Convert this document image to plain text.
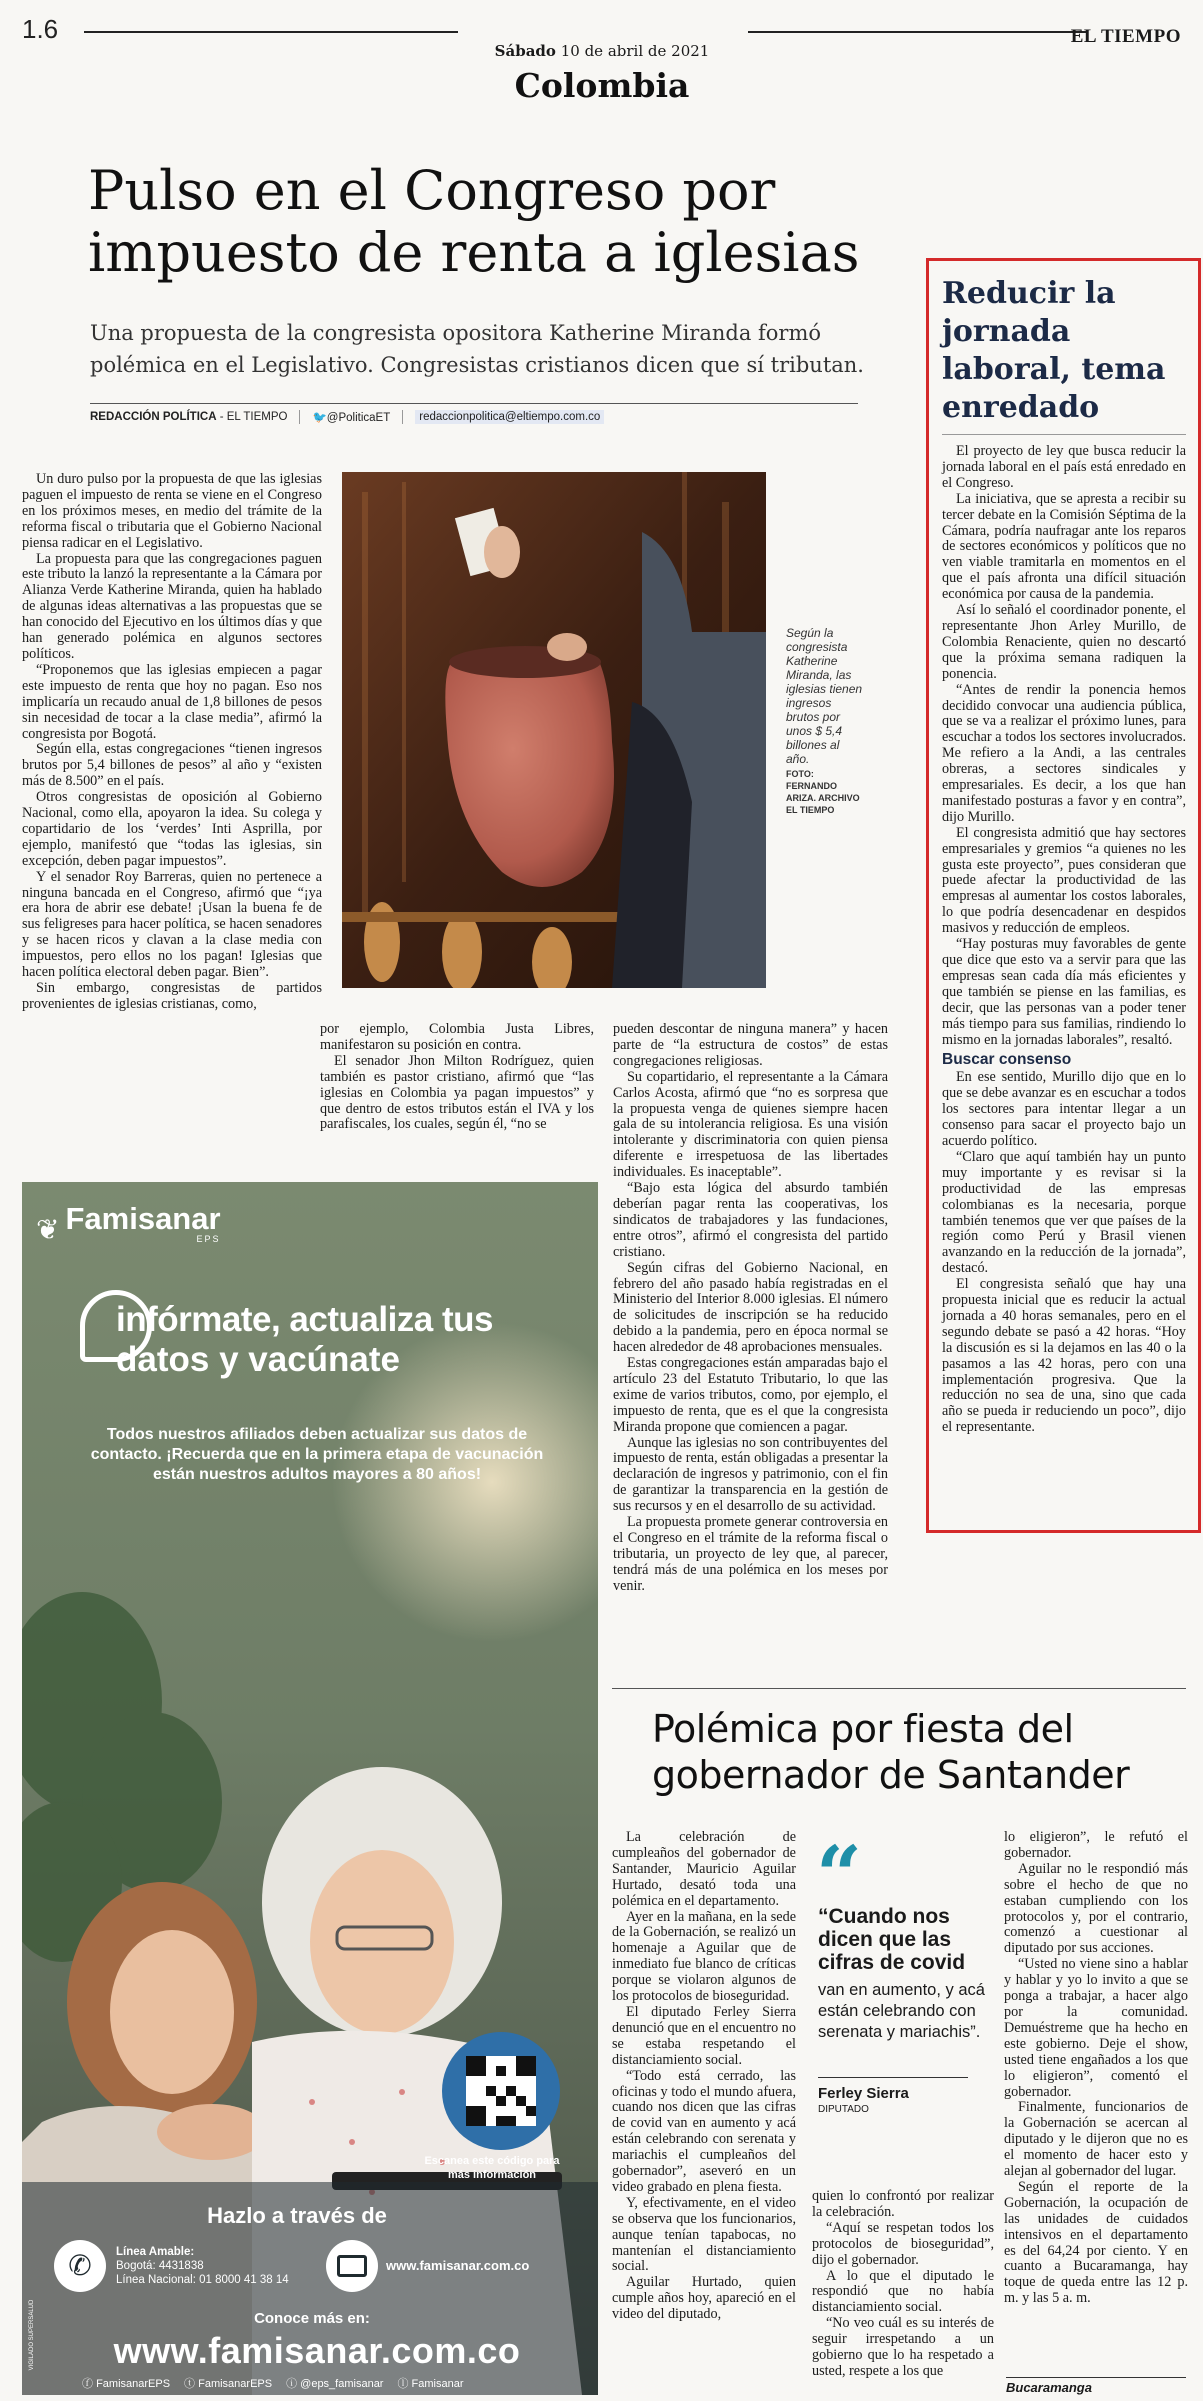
1.6
Sábado 10 de abril de 2021
EL TIEMPO
Colombia
Pulso en el Congreso por impuesto de renta a iglesias
Una propuesta de la congresista opositora Katherine Miranda formó polémica en el Legislativo. Congresistas cristianos dicen que sí tributan.
REDACCIÓN POLÍTICA - EL TIEMPO 🐦@PoliticaET	redaccionpolitica@eltiempo.com.co

Un duro pulso por la propuesta de que las iglesias paguen el impuesto de renta se viene en el Congreso en los próximos meses, en medio del trámite de la reforma fiscal o tributaria que el Gobierno Nacional piensa radicar en el Legislativo.

La propuesta para que las congregaciones paguen este tributo la lanzó la representante a la Cámara por Alianza Verde Katherine Miranda, quien ha hablado de algunas ideas alternativas a las propuestas que se han conocido del Ejecutivo en los últimos días y que han generado polémica en algunos sectores políticos.

“Proponemos que las iglesias empiecen a pagar este impuesto de renta que hoy no pagan. Eso nos implicaría un recaudo anual de 1,8 billones de pesos sin necesidad de tocar a la clase media”, afirmó la congresista por Bogotá.

Según ella, estas congregaciones “tienen ingresos brutos por 5,4 billones de pesos” al año y “existen más de 8.500” en el país.

Otros congresistas de oposición al Gobierno Nacional, como ella, apoyaron la idea. Su colega y copartidario de los ‘verdes’ Inti Asprilla, por ejemplo, manifestó que “todas las iglesias, sin excepción, deben pagar impuestos”.

Y el senador Roy Barreras, quien no pertenece a ninguna bancada en el Congreso, afirmó que “¡ya era hora de abrir ese debate! ¡Usan la buena fe de sus feligreses para hacer política, se hacen senadores y se hacen ricos y clavan a la clase media con impuestos, pero ellos no los pagan! Iglesias que hacen política electoral deben pagar. Bien”.

Sin embargo, congresistas de partidos provenientes de iglesias cristianas, como,

Según la congresista Katherine Miranda, las iglesias tienen ingresos brutos por unos $ 5,4 billones al año.
FOTO: FERNANDO ARIZA. ARCHIVO EL TIEMPO

por ejemplo, Colombia Justa Libres, manifestaron su posición en contra.

El senador Jhon Milton Rodríguez, quien también es pastor cristiano, afirmó que “las iglesias en Colombia ya pagan impuestos” y que dentro de estos tributos están el IVA y los parafiscales, los cuales, según él, “no se

pueden descontar de ninguna manera” y hacen parte de “la estructura de costos” de estas congregaciones religiosas.

Su copartidario, el representante a la Cámara Carlos Acosta, afirmó que “no es sorpresa que la propuesta venga de quienes siempre hacen gala de su intolerancia religiosa. Es una visión intolerante y discriminatoria con quien piensa diferente e irrespetuosa de las libertades individuales. Es inaceptable”.

“Bajo esta lógica del absurdo también deberían pagar renta las cooperativas, los sindicatos de trabajadores y las fundaciones, entre otros”, afirmó el congresista del partido cristiano.

Según cifras del Gobierno Nacional, en febrero del año pasado había registradas en el Ministerio del Interior 8.000 iglesias. El número de solicitudes de inscripción se ha reducido debido a la pandemia, pero en época normal se hacen alrededor de 48 aprobaciones mensuales.

Estas congregaciones están amparadas bajo el artículo 23 del Estatuto Tributario, lo que las exime de varios tributos, como, por ejemplo, el impuesto de renta, que es el que la congresista Miranda propone que comiencen a pagar.

Aunque las iglesias no son contribuyentes del impuesto de renta, están obligadas a presentar la declaración de ingresos y patrimonio, con el fin de garantizar la transparencia en la gestión de sus recursos y en el desarrollo de su actividad.

La propuesta promete generar controversia en el Congreso en el trámite de la reforma fiscal o tributaria, un proyecto de ley que, al parecer, tendrá más de una polémica en los meses por venir.

Reducir la jornada laboral, tema enredado

El proyecto de ley que busca reducir la jornada laboral en el país está enredado en el Congreso.

La iniciativa, que se apresta a recibir su tercer debate en la Comisión Séptima de la Cámara, podría naufragar ante los reparos de sectores económicos y políticos que no ven viable tramitarla en momentos en el que el país afronta una difícil situación económica por causa de la pandemia.

Así lo señaló el coordinador ponente, el representante Jhon Arley Murillo, de Colombia Renaciente, quien no descartó que la próxima semana radiquen la ponencia.

“Antes de rendir la ponencia hemos decidido convocar una audiencia pública, que se va a realizar el próximo lunes, para escuchar a todos los sectores involucrados. Me refiero a la Andi, a las centrales obreras, a sectores sindicales y empresariales. Es decir, a los que han manifestado posturas a favor y en contra”, dijo Murillo.

El congresista admitió que hay sectores empresariales y gremios “a quienes no les gusta este proyecto”, pues consideran que puede afectar la productividad de las empresas al aumentar los costos laborales, lo que podría desencadenar en despidos masivos y reducción de empleos.

“Hay posturas muy favorables de gente que dice que esto va a servir para que las empresas sean cada día más eficientes y que también se piense en las familias, es decir, que las personas van a poder tener más tiempo para sus familias, rindiendo lo mismo en la jornadas laborales”, resaltó.

Buscar consenso

En ese sentido, Murillo dijo que en lo que se debe avanzar es en escuchar a todos los sectores para intentar llegar a un consenso para sacar el proyecto bajo un acuerdo político.

“Claro que aquí también hay un punto muy importante y es revisar si la productividad de las empresas colombianas es la necesaria, porque también tenemos que ver que países de la región como Perú y Brasil vienen avanzando en la reducción de la jornada”, destacó.

El congresista señaló que hay una propuesta inicial que es reducir la actual jornada a 40 horas semanales, pero en el segundo debate se pasó a 42 horas. “Hoy la discusión es si la dejamos en las 40 o la pasamos a las 42 horas, pero con una implementación progresiva. Que la reducción no sea de una, sino que cada año se pueda ir reduciendo un poco”, dijo el representante.

❦ Famisanar
EPS
infórmate, actualiza tus
datos y vacúnate
Todos nuestros afiliados deben actualizar sus datos de contacto. ¡Recuerda que en la primera etapa de vacunación están nuestros adultos mayores a 80 años!
Escanea este código para más información
Hazlo a través de
✆	Línea Amable:
Bogotá: 4431838
Línea Nacional: 01 8000 41 38 14
www.famisanar.com.co
Conoce más en:
www.famisanar.com.co
ⓕ FamisanarEPS ⓣ FamisanarEPS ⓘ @eps_famisanar ⓛ Famisanar
VIGILADO SUPERSALUD
Polémica por fiesta del gobernador de Santander

La celebración de cumpleaños del gobernador de Santander, Mauricio Aguilar Hurtado, desató toda una polémica en el departamento.

Ayer en la mañana, en la sede de la Gobernación, se realizó un homenaje a Aguilar que de inmediato fue blanco de críticas porque se violaron algunos de los protocolos de bioseguridad.

El diputado Ferley Sierra denunció que en el encuentro no se estaba respetando el distanciamiento social.

“Todo está cerrado, las oficinas y todo el mundo afuera, cuando nos dicen que las cifras de covid van en aumento y acá están celebrando con serenata y mariachis el cumpleaños del gobernador”, aseveró en un video grabado en plena fiesta.

Y, efectivamente, en el video se observa que los funcionarios, aunque tenían tapabocas, no mantenían el distanciamiento social.

Aguilar Hurtado, quien cumple años hoy, apareció en el video del diputado,

“
“Cuando nos dicen que las cifras de covid
van en aumento, y acá están celebrando con serenata y mariachis”.
Ferley Sierra
DIPUTADO

quien lo confrontó por realizar la celebración.

“Aquí se respetan todos los protocolos de bioseguridad”, dijo el gobernador.

A lo que el diputado le respondió que no había distanciamiento social.

“No veo cuál es su interés de seguir irrespetando a un gobierno que lo ha respetado a usted, respete a los que

lo eligieron”, le refutó el gobernador.

Aguilar no le respondió más sobre el hecho de que no estaban cumpliendo con los protocolos y, por el contrario, comenzó a cuestionar al diputado por sus acciones.

“Usted no viene sino a hablar y hablar y yo lo invito a que se ponga a trabajar, a hacer algo por la comunidad. Demuéstreme que ha hecho en este gobierno. Deje el show, usted tiene engañados a los que lo eligieron”, comentó el gobernador.

Finalmente, funcionarios de la Gobernación se acercan al diputado y le dijeron que no es el momento de hacer esto y alejan al gobernador del lugar.

Según el reporte de la Gobernación, la ocupación de las unidades de cuidados intensivos en el departamento es del 64,24 por ciento. Y en cuanto a Bucaramanga, hay toque de queda entre las 12 p. m. y las 5 a. m.

Bucaramanga
